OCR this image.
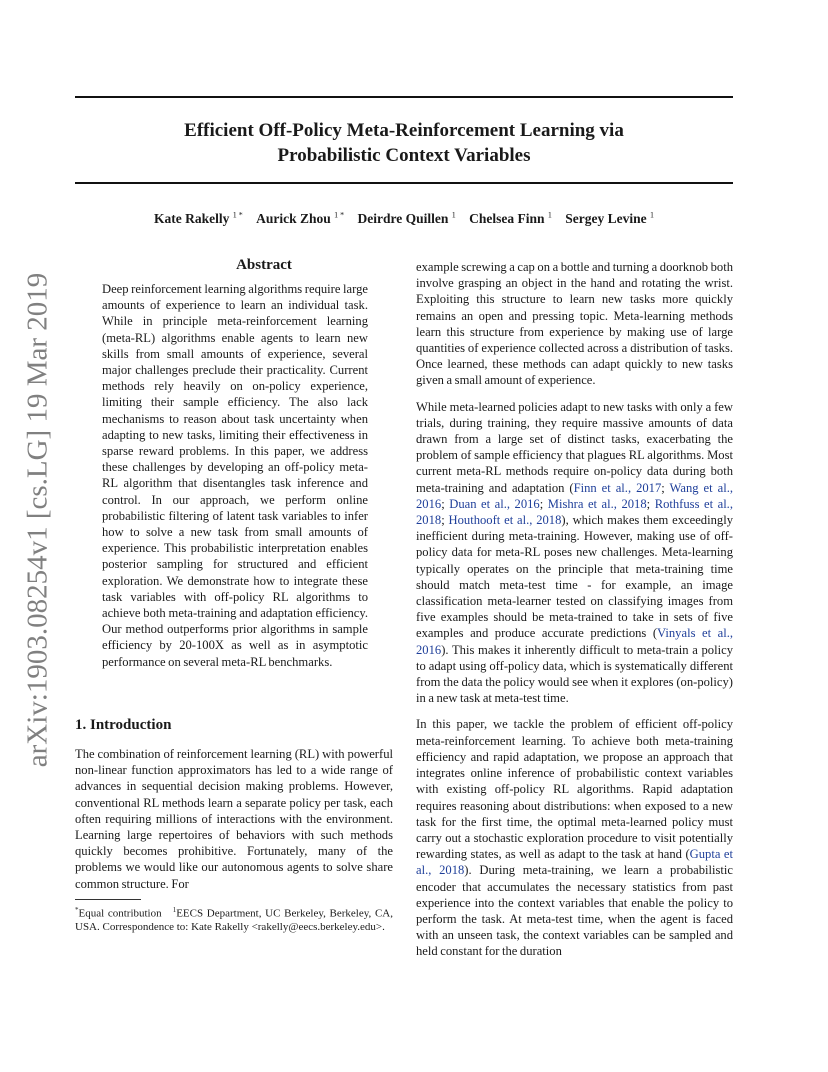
arXiv:1903.08254v1 [cs.LG] 19 Mar 2019
Efficient Off-Policy Meta-Reinforcement Learning via
Probabilistic Context Variables
Kate Rakelly $^{1 *}$ Aurick Zhou $^{1 *}$ Deirdre Quillen $^1$ Chelsea Finn $^1$ Sergey Levine $^1$
Abstract
Deep reinforcement learning algorithms require large amounts of experience to learn an individual task. While in principle meta-reinforcement learning (meta-RL) algorithms enable agents to learn new skills from small amounts of experience, several major challenges preclude their practicality. Current methods rely heavily on on-policy experience, limiting their sample efficiency. The also lack mechanisms to reason about task uncertainty when adapting to new tasks, limiting their effectiveness in sparse reward problems. In this paper, we address these challenges by developing an off-policy meta-RL algorithm that disentangles task inference and control. In our approach, we perform online probabilistic filtering of latent task variables to infer how to solve a new task from small amounts of experience. This probabilistic interpretation enables posterior sampling for structured and efficient exploration. We demonstrate how to integrate these task variables with off-policy RL algorithms to achieve both meta-training and adaptation efficiency. Our method outperforms prior algorithms in sample efficiency by 20-100X as well as in asymptotic performance on several meta-RL benchmarks.
1. Introduction
The combination of reinforcement learning (RL) with powerful non-linear function approximators has led to a wide range of advances in sequential decision making problems. However, conventional RL methods learn a separate policy per task, each often requiring millions of interactions with the environment. Learning large repertoires of behaviors with such methods quickly becomes prohibitive. Fortunately, many of the problems we would like our autonomous agents to solve share common structure. For
*Equal contribution $^1$EECS Department, UC Berkeley, Berkeley, CA, USA. Correspondence to: Kate Rakelly <rakelly@eecs.berkeley.edu>.

example screwing a cap on a bottle and turning a doorknob both involve grasping an object in the hand and rotating the wrist. Exploiting this structure to learn new tasks more quickly remains an open and pressing topic. Meta-learning methods learn this structure from experience by making use of large quantities of experience collected across a distribution of tasks. Once learned, these methods can adapt quickly to new tasks given a small amount of experience.

While meta-learned policies adapt to new tasks with only a few trials, during training, they require massive amounts of data drawn from a large set of distinct tasks, exacerbating the problem of sample efficiency that plagues RL algorithms. Most current meta-RL methods require on-policy data during both meta-training and adaptation (Finn et al., 2017; Wang et al., 2016; Duan et al., 2016; Mishra et al., 2018; Rothfuss et al., 2018; Houthooft et al., 2018), which makes them exceedingly inefficient during meta-training. However, making use of off-policy data for meta-RL poses new challenges. Meta-learning typically operates on the principle that meta-training time should match meta-test time - for example, an image classification meta-learner tested on classifying images from five examples should be meta-trained to take in sets of five examples and produce accurate predictions (Vinyals et al., 2016). This makes it inherently difficult to meta-train a policy to adapt using off-policy data, which is systematically different from the data the policy would see when it explores (on-policy) in a new task at meta-test time.

In this paper, we tackle the problem of efficient off-policy meta-reinforcement learning. To achieve both meta-training efficiency and rapid adaptation, we propose an approach that integrates online inference of probabilistic context variables with existing off-policy RL algorithms. Rapid adaptation requires reasoning about distributions: when exposed to a new task for the first time, the optimal meta-learned policy must carry out a stochastic exploration procedure to visit potentially rewarding states, as well as adapt to the task at hand (Gupta et al., 2018). During meta-training, we learn a probabilistic encoder that accumulates the necessary statistics from past experience into the context variables that enable the policy to perform the task. At meta-test time, when the agent is faced with an unseen task, the context variables can be sampled and held constant for the duration
